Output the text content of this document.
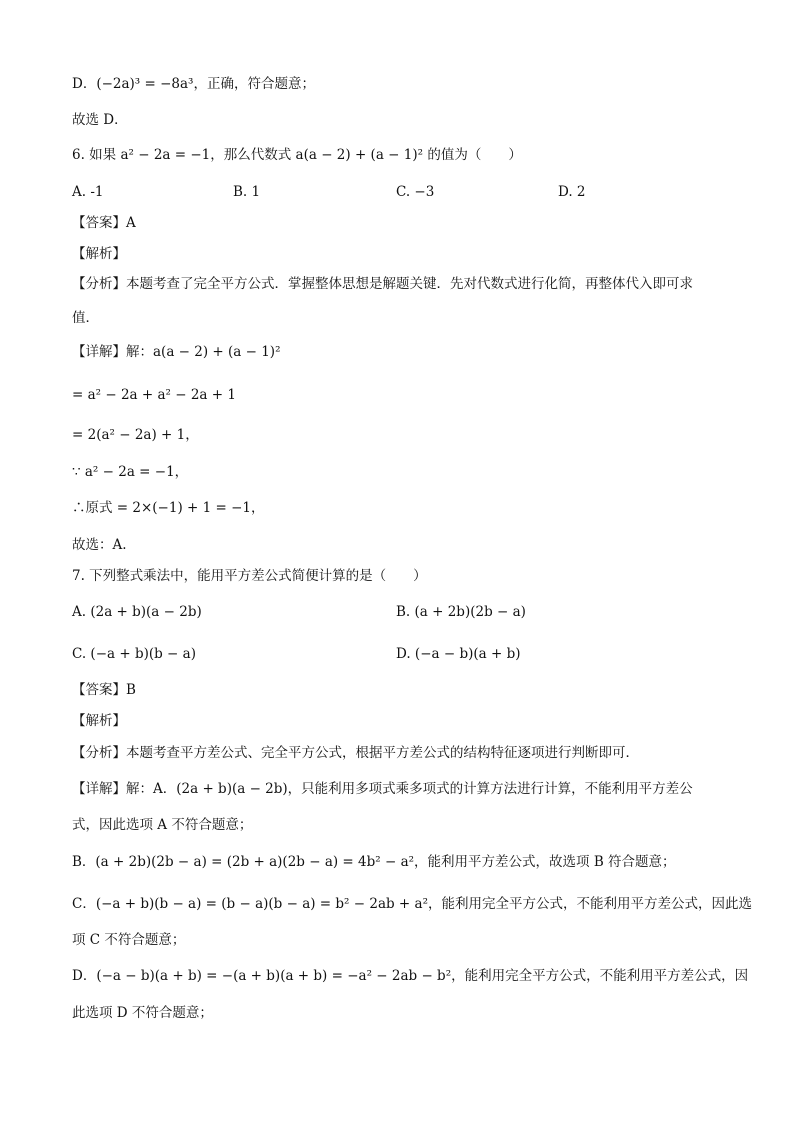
D．(−2a)³ = −8a³，正确，符合题意；
故选 D．
6. 如果 a² − 2a = −1，那么代数式 a(a − 2) + (a − 1)² 的值为（　　）
A. -1	B. 1	C. −3	D. 2
【答案】A
【解析】
【分析】本题考查了完全平方公式．掌握整体思想是解题关键．先对代数式进行化简，再整体代入即可求
值．
【详解】解：a(a − 2) + (a − 1)²
= a² − 2a + a² − 2a + 1
= 2(a² − 2a) + 1，
∵ a² − 2a = −1，
∴原式 = 2×(−1) + 1 = −1，
故选：A.
7. 下列整式乘法中，能用平方差公式简便计算的是（　　）
A. (2a + b)(a − 2b)	B. (a + 2b)(2b − a)
C. (−a + b)(b − a)	D. (−a − b)(a + b)
【答案】B
【解析】
【分析】本题考查平方差公式、完全平方公式，根据平方差公式的结构特征逐项进行判断即可．
【详解】解：A．(2a + b)(a − 2b)，只能利用多项式乘多项式的计算方法进行计算，不能利用平方差公
式，因此选项 A 不符合题意；
B．(a + 2b)(2b − a) = (2b + a)(2b − a) = 4b² − a²，能利用平方差公式，故选项 B 符合题意；
C．(−a + b)(b − a) = (b − a)(b − a) = b² − 2ab + a²，能利用完全平方公式，不能利用平方差公式，因此选
项 C 不符合题意；
D．(−a − b)(a + b) = −(a + b)(a + b) = −a² − 2ab − b²，能利用完全平方公式，不能利用平方差公式，因
此选项 D 不符合题意；
